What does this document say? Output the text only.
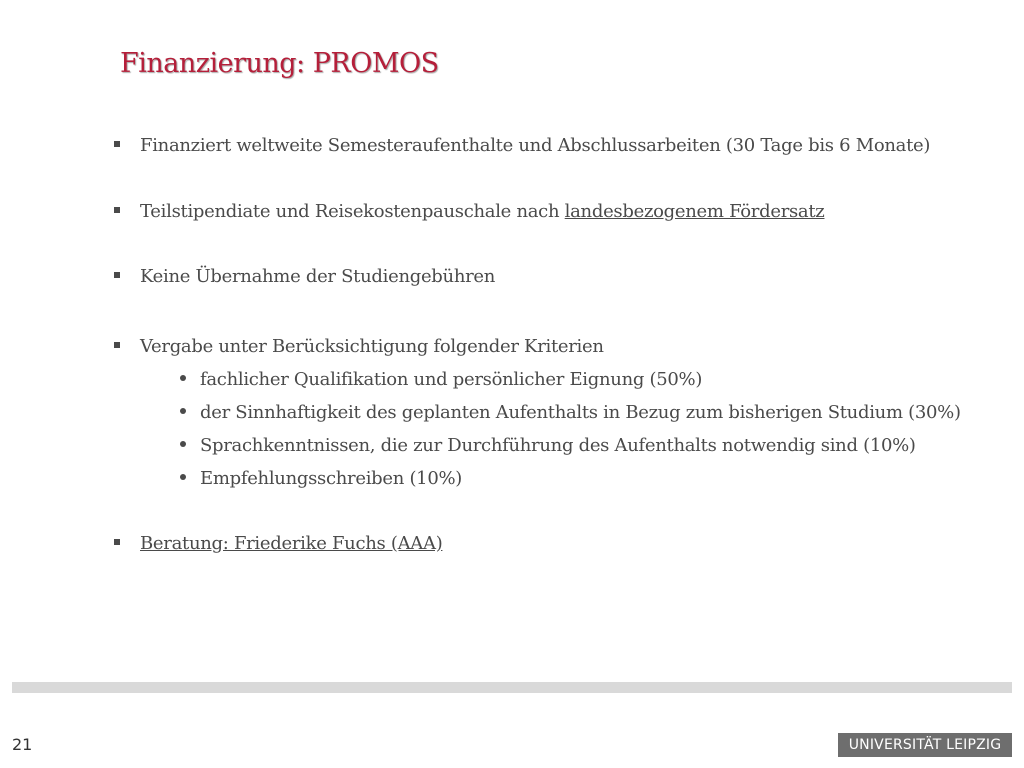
Finanzierung: PROMOS
Finanziert weltweite Semesteraufenthalte und Abschlussarbeiten (30 Tage bis 6 Monate)
Teilstipendiate und Reisekostenpauschale nach landesbezogenem Fördersatz
Keine Übernahme der Studiengebühren
Vergabe unter Berücksichtigung folgender Kriterien
fachlicher Qualifikation und persönlicher Eignung (50%)
der Sinnhaftigkeit des geplanten Aufenthalts in Bezug zum bisherigen Studium (30%)
Sprachkenntnissen, die zur Durchführung des Aufenthalts notwendig sind (10%)
Empfehlungsschreiben (10%)
Beratung: Friederike Fuchs (AAA)
21	UNIVERSITÄT LEIPZIG
